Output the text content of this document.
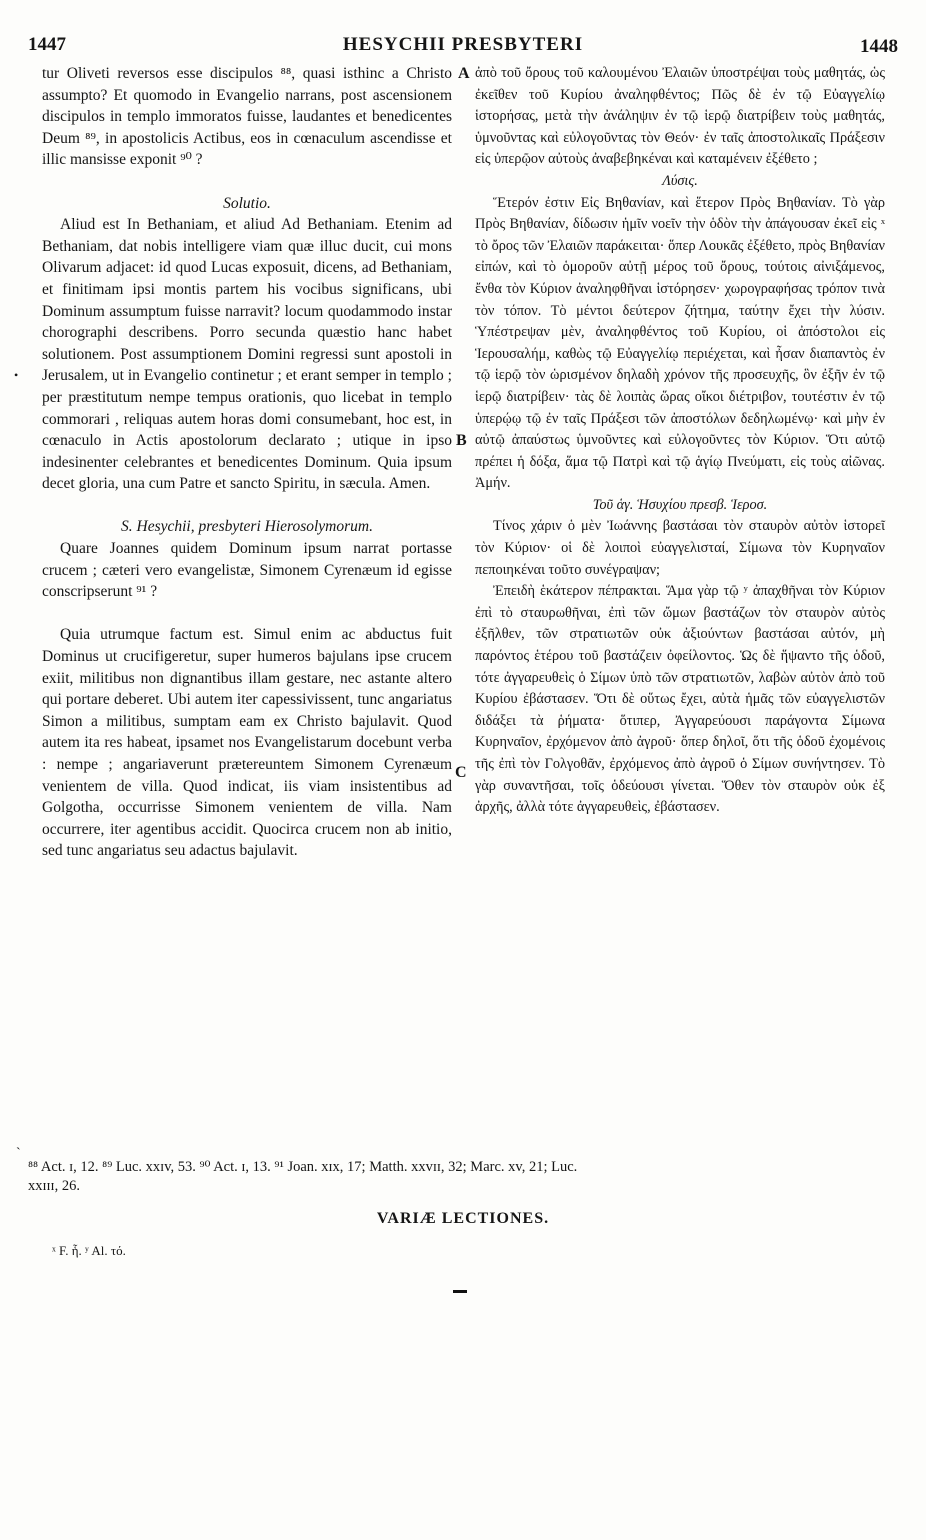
1447	HESYCHII PRESBYTERI	1448
A
B
C
•

tur Oliveti reversos esse discipulos ⁸⁸, quasi isthinc a Christo assumpto? Et quomodo in Evangelio narrans, post ascensionem discipulos in templo immoratos fuisse, laudantes et benedicentes Deum ⁸⁹, in apostolicis Actibus, eos in cœnaculum ascendisse et illic mansisse exponit ⁹⁰ ?

Solutio.

Aliud est In Bethaniam, et aliud Ad Bethaniam. Etenim ad Bethaniam, dat nobis intelligere viam quæ illuc ducit, cui mons Olivarum adjacet: id quod Lucas exposuit, dicens, ad Bethaniam, et finitimam ipsi montis partem his vocibus significans, ubi Dominum assumptum fuisse narravit? locum quodammodo instar chorographi describens. Porro secunda quæstio hanc habet solutionem. Post assumptionem Domini regressi sunt apostoli in Jerusalem, ut in Evangelio continetur ; et erant semper in templo ; per præstitutum nempe tempus orationis, quo licebat in templo commorari , reliquas autem horas domi consumebant, hoc est, in cœnaculo in Actis apostolorum declarato ; utique in ipso indesinenter celebrantes et benedicentes Dominum. Quia ipsum decet gloria, una cum Patre et sancto Spiritu, in sæcula. Amen.

S. Hesychii, presbyteri Hierosolymorum.

Quare Joannes quidem Dominum ipsum narrat portasse crucem ; cæteri vero evangelistæ, Simonem Cyrenæum id egisse conscripserunt ⁹¹ ?

Quia utrumque factum est. Simul enim ac abductus fuit Dominus ut crucifigeretur, super humeros bajulans ipse crucem exiit, militibus non dignantibus illam gestare, nec astante altero qui portare deberet. Ubi autem iter capessivissent, tunc angariatus Simon a militibus, sumptam eam ex Christo bajulavit. Quod autem ita res habeat, ipsamet nos Evangelistarum docebunt verba : nempe ; angariaverunt prætereuntem Simonem Cyrenæum venientem de villa. Quod indicat, iis viam insistentibus ad Golgotha, occurrisse Simonem venientem de villa. Nam occurrere, iter agentibus accidit. Quocirca crucem non ab initio, sed tunc angariatus seu adactus bajulavit.

ἀπὸ τοῦ ὄρους τοῦ καλουμένου Ἐλαιῶν ὑποστρέψαι τοὺς μαθητάς, ὡς ἐκεῖθεν τοῦ Κυρίου ἀναληφθέντος; Πῶς δὲ ἐν τῷ Εὐαγγελίῳ ἱστορήσας, μετὰ τὴν ἀνάληψιν ἐν τῷ ἱερῷ διατρίβειν τοὺς μαθητάς, ὑμνοῦντας καὶ εὐλογοῦντας τὸν Θεόν· ἐν ταῖς ἀποστολικαῖς Πράξεσιν εἰς ὑπερῷον αὐτοὺς ἀναβεβηκέναι καὶ καταμένειν ἐξέθετο ;

Λύσις.

Ἕτερόν ἐστιν Εἰς Βηθανίαν, καὶ ἕτερον Πρὸς Βηθανίαν. Τὸ γὰρ Πρὸς Βηθανίαν, δίδωσιν ἡμῖν νοεῖν τὴν ὁδὸν τὴν ἀπάγουσαν ἐκεῖ εἰς ˣ τὸ ὄρος τῶν Ἐλαιῶν παράκειται· ὅπερ Λουκᾶς ἐξέθετο, πρὸς Βηθανίαν εἰπών, καὶ τὸ ὁμοροῦν αὐτῇ μέρος τοῦ ὄρους, τούτοις αἰνιξάμενος, ἔνθα τὸν Κύριον ἀναληφθῆναι ἱστόρησεν· χωρογραφήσας τρόπον τινὰ τὸν τόπον. Τὸ μέντοι δεύτερον ζήτημα, ταύτην ἔχει τὴν λύσιν. Ὑπέστρεψαν μὲν, ἀναληφθέντος τοῦ Κυρίου, οἱ ἀπόστολοι εἰς Ἱερουσαλήμ, καθὼς τῷ Εὐαγγελίῳ περιέχεται, καὶ ἦσαν διαπαντὸς ἐν τῷ ἱερῷ τὸν ὡρισμένον δηλαδὴ χρόνον τῆς προσευχῆς, ὃν ἐξῆν ἐν τῷ ἱερῷ διατρίβειν· τὰς δὲ λοιπὰς ὥρας οἴκοι διέτριβον, τουτέστιν ἐν τῷ ὑπερῴῳ τῷ ἐν ταῖς Πράξεσι τῶν ἀποστόλων δεδηλωμένῳ· καὶ μὴν ἐν αὐτῷ ἀπαύστως ὑμνοῦντες καὶ εὐλογοῦντες τὸν Κύριον. Ὅτι αὐτῷ πρέπει ἡ δόξα, ἅμα τῷ Πατρὶ καὶ τῷ ἁγίῳ Πνεύματι, εἰς τοὺς αἰῶνας. Ἀμήν.

Τοῦ ἁγ. Ἡσυχίου πρεσβ. Ἱεροσ.

Τίνος χάριν ὁ μὲν Ἰωάννης βαστάσαι τὸν σταυρὸν αὐτὸν ἱστορεῖ τὸν Κύριον· οἱ δὲ λοιποὶ εὐαγγελισταί, Σίμωνα τὸν Κυρηναῖον πεποιηκέναι τοῦτο συνέγραψαν;

Ἐπειδὴ ἑκάτερον πέπρακται. Ἅμα γὰρ τῷ ʸ ἀπαχθῆναι τὸν Κύριον ἐπὶ τὸ σταυρωθῆναι, ἐπὶ τῶν ὤμων βαστάζων τὸν σταυρὸν αὐτὸς ἐξῆλθεν, τῶν στρατιωτῶν οὐκ ἀξιούντων βαστάσαι αὐτόν, μὴ παρόντος ἑτέρου τοῦ βαστάζειν ὀφείλοντος. Ὡς δὲ ἥψαντο τῆς ὁδοῦ, τότε ἀγγαρευθεὶς ὁ Σίμων ὑπὸ τῶν στρατιωτῶν, λαβὼν αὐτὸν ἀπὸ τοῦ Κυρίου ἐβάστασεν. Ὅτι δὲ οὕτως ἔχει, αὐτὰ ἡμᾶς τῶν εὐαγγελιστῶν διδάξει τὰ ῥήματα· ὅτιπερ, Ἀγγαρεύουσι παράγοντα Σίμωνα Κυρηναῖον, ἐρχόμενον ἀπὸ ἀγροῦ· ὅπερ δηλοῖ, ὅτι τῆς ὁδοῦ ἐχομένοις τῆς ἐπὶ τὸν Γολγοθᾶν, ἐρχόμενος ἀπὸ ἀγροῦ ὁ Σίμων συνήντησεν. Τὸ γὰρ συναντῆσαι, τοῖς ὁδεύουσι γίνεται. Ὅθεν τὸν σταυρὸν οὐκ ἐξ ἀρχῆς, ἀλλὰ τότε ἀγγαρευθεὶς, ἐβάστασεν.

˴
⁸⁸ Act. ɪ, 12. ⁸⁹ Luc. xxɪv, 53. ⁹⁰ Act. ɪ, 13. ⁹¹ Joan. xɪx, 17; Matth. xxvɪɪ, 32; Marc. xv, 21; Luc.
xxɪɪɪ, 26.
VARIÆ LECTIONES.
ˣ F. ἧ. ʸ Al. τό.
